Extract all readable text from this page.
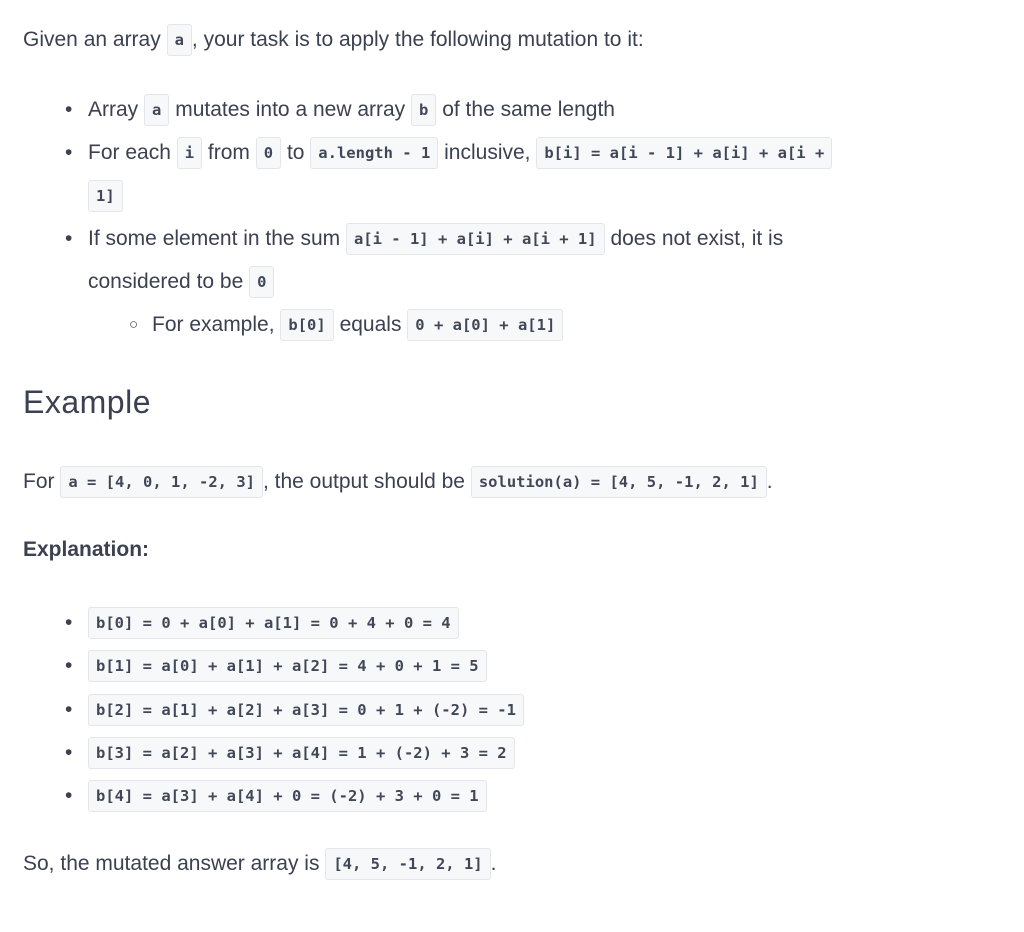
Given an array a , your task is to apply the following mutation to it:
• Array a mutates into a new array b of the same length
• For each i from 0 to a.length - 1 inclusive, b[i] = a[i - 1] + a[i] + a[i +
1]
• If some element in the sum a[i - 1] + a[i] + a[i + 1] does not exist, it is
considered to be 0
○ For example, b[0] equals 0 + a[0] + a[1]
Example
For a = [4, 0, 1, -2, 3] , the output should be solution(a) = [4, 5, -1, 2, 1] .
Explanation:
• b[0] = 0 + a[0] + a[1] = 0 + 4 + 0 = 4
• b[1] = a[0] + a[1] + a[2] = 4 + 0 + 1 = 5
• b[2] = a[1] + a[2] + a[3] = 0 + 1 + (-2) = -1
• b[3] = a[2] + a[3] + a[4] = 1 + (-2) + 3 = 2
• b[4] = a[3] + a[4] + 0 = (-2) + 3 + 0 = 1
So, the mutated answer array is [4, 5, -1, 2, 1] .
